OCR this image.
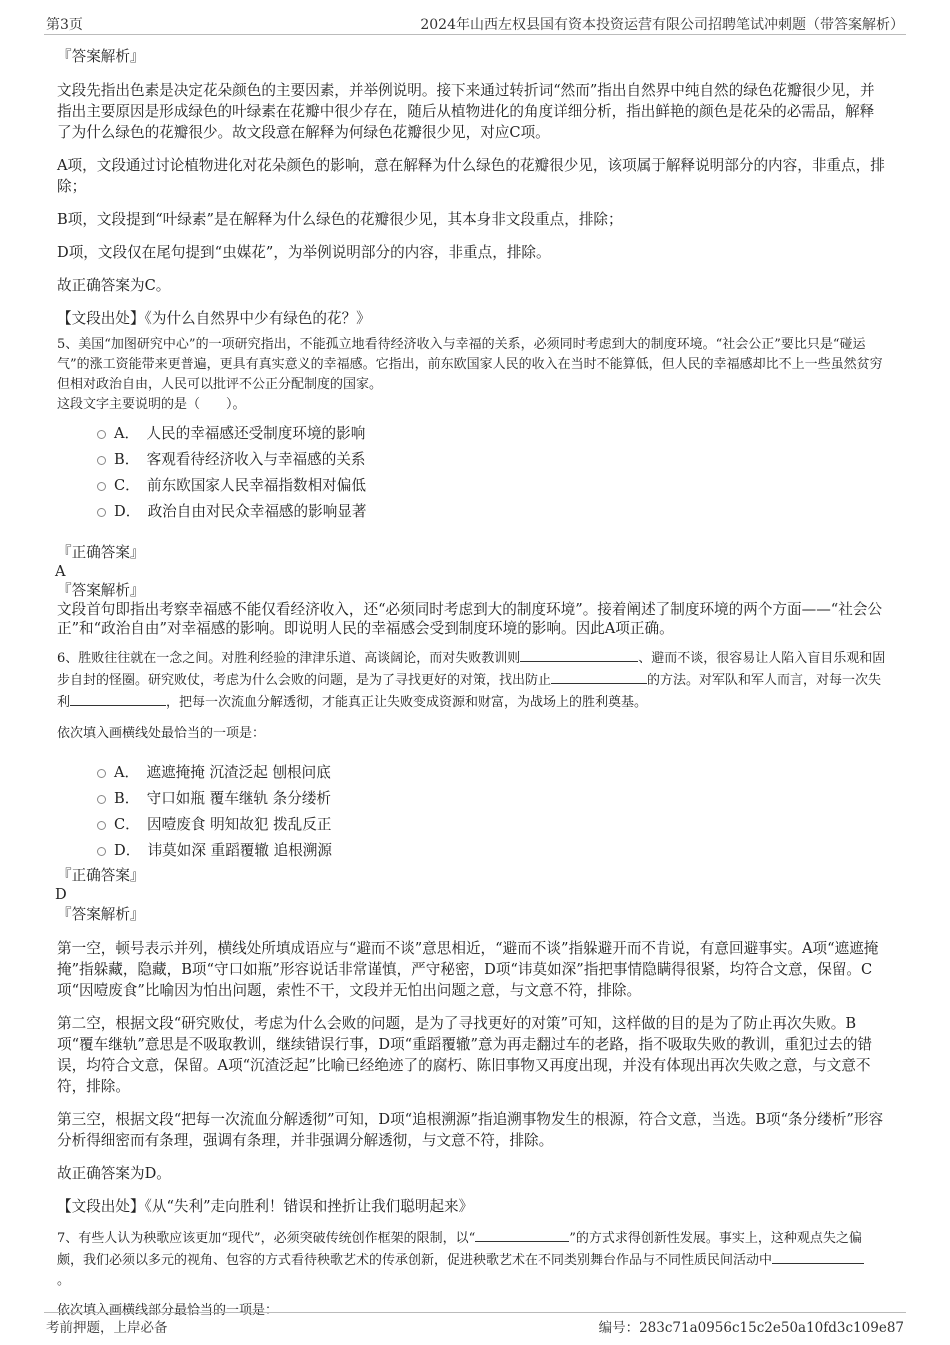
第3页	2024年山西左权县国有资本投资运营有限公司招聘笔试冲刺题（带答案解析）

『答案解析』

文段先指出色素是决定花朵颜色的主要因素，并举例说明。接下来通过转折词“然而”指出自然界中纯自然的绿色花瓣很少见，并指出主要原因是形成绿色的叶绿素在花瓣中很少存在，随后从植物进化的角度详细分析，指出鲜艳的颜色是花朵的必需品，解释了为什么绿色的花瓣很少。故文段意在解释为何绿色花瓣很少见，对应C项。

A项，文段通过讨论植物进化对花朵颜色的影响，意在解释为什么绿色的花瓣很少见，该项属于解释说明部分的内容，非重点，排除；

B项，文段提到“叶绿素”是在解释为什么绿色的花瓣很少见，其本身非文段重点，排除；

D项，文段仅在尾句提到“虫媒花”，为举例说明部分的内容，非重点，排除。

故正确答案为C。

【文段出处】《为什么自然界中少有绿色的花？》

5、美国“加图研究中心”的一项研究指出，不能孤立地看待经济收入与幸福的关系，必须同时考虑到大的制度环境。“社会公正”要比只是“碰运气”的涨工资能带来更普遍，更具有真实意义的幸福感。它指出，前东欧国家人民的收入在当时不能算低，但人民的幸福感却比不上一些虽然贫穷但相对政治自由，人民可以批评不公正分配制度的国家。

这段文字主要说明的是（　　）。

A．　人民的幸福感还受制度环境的影响
B．　客观看待经济收入与幸福感的关系
C．　前东欧国家人民幸福指数相对偏低
D．　政治自由对民众幸福感的影响显著

『正确答案』

A

『答案解析』

文段首句即指出考察幸福感不能仅看经济收入，还“必须同时考虑到大的制度环境”。接着阐述了制度环境的两个方面——“社会公正”和“政治自由”对幸福感的影响。即说明人民的幸福感会受到制度环境的影响。因此A项正确。

6、胜败往往就在一念之间。对胜利经验的津津乐道、高谈阔论，而对失败教训则	、避而不谈，很容易让人陷入盲目乐观和固步自封的怪圈。研究败仗，考虑为什么会败的问题，是为了寻找更好的对策，找出防止	的方法。对军队和军人而言，对每一次失利	，把每一次流血分解透彻，才能真正让失败变成资源和财富，为战场上的胜利奠基。

依次填入画横线处最恰当的一项是：

A．　遮遮掩掩 沉渣泛起 刨根问底
B．　守口如瓶 覆车继轨 条分缕析
C．　因噎废食 明知故犯 拨乱反正
D．　讳莫如深 重蹈覆辙 追根溯源

『正确答案』

D

『答案解析』

第一空，顿号表示并列，横线处所填成语应与“避而不谈”意思相近，“避而不谈”指躲避开而不肯说，有意回避事实。A项“遮遮掩掩”指躲藏，隐藏，B项“守口如瓶”形容说话非常谨慎，严守秘密，D项“讳莫如深”指把事情隐瞒得很紧，均符合文意，保留。C项“因噎废食”比喻因为怕出问题，索性不干，文段并无怕出问题之意，与文意不符，排除。

第二空，根据文段“研究败仗，考虑为什么会败的问题，是为了寻找更好的对策”可知，这样做的目的是为了防止再次失败。B项“覆车继轨”意思是不吸取教训，继续错误行事，D项“重蹈覆辙”意为再走翻过车的老路，指不吸取失败的教训，重犯过去的错误，均符合文意，保留。A项“沉渣泛起”比喻已经绝迹了的腐朽、陈旧事物又再度出现，并没有体现出再次失败之意，与文意不符，排除。

第三空，根据文段“把每一次流血分解透彻”可知，D项“追根溯源”指追溯事物发生的根源，符合文意，当选。B项“条分缕析”形容分析得细密而有条理，强调有条理，并非强调分解透彻，与文意不符，排除。

故正确答案为D。

【文段出处】《从“失利”走向胜利！错误和挫折让我们聪明起来》

7、有些人认为秧歌应该更加“现代”，必须突破传统创作框架的限制，以“	”的方式求得创新性发展。事实上，这种观点失之偏颇，我们必须以多元的视角、包容的方式看待秧歌艺术的传承创新，促进秧歌艺术在不同类别舞台作品与不同性质民间活动中
。

依次填入画横线部分最恰当的一项是：

考前押题，上岸必备	编号：283c71a0956c15c2e50a10fd3c109e87
